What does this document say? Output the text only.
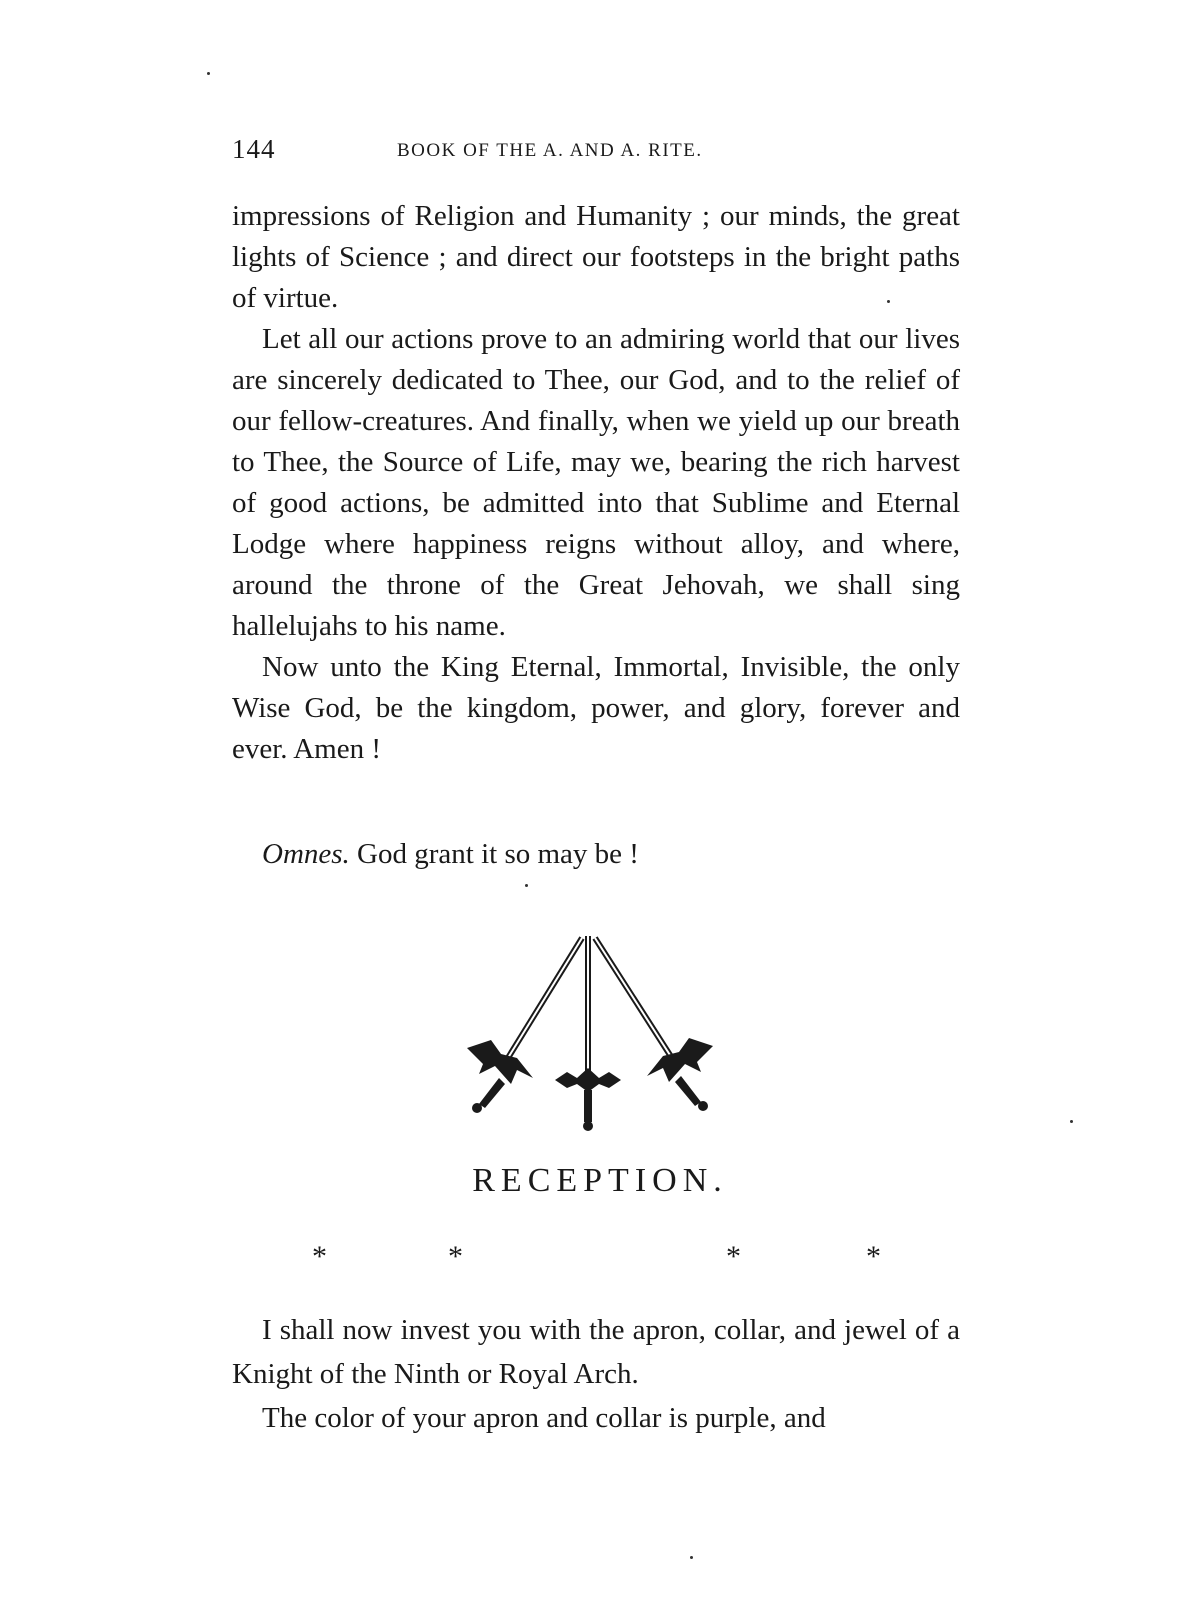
144	BOOK OF THE A. AND A. RITE.

impressions of Religion and Humanity ; our minds, the great lights of Science ; and direct our footsteps in the bright paths of virtue.

Let all our actions prove to an admiring world that our lives are sincerely dedicated to Thee, our God, and to the relief of our fellow-creatures. And finally, when we yield up our breath to Thee, the Source of Life, may we, bearing the rich harvest of good actions, be admitted into that Sublime and Eternal Lodge where happiness reigns without alloy, and where, around the throne of the Great Jehovah, we shall sing hallelujahs to his name.

Now unto the King Eternal, Immortal, Invisible, the only Wise God, be the kingdom, power, and glory, forever and ever. Amen !

Omnes. God grant it so may be !
RECEPTION.
*	*	*	*

I shall now invest you with the apron, collar, and jewel of a Knight of the Ninth or Royal Arch.

The color of your apron and collar is purple, and
